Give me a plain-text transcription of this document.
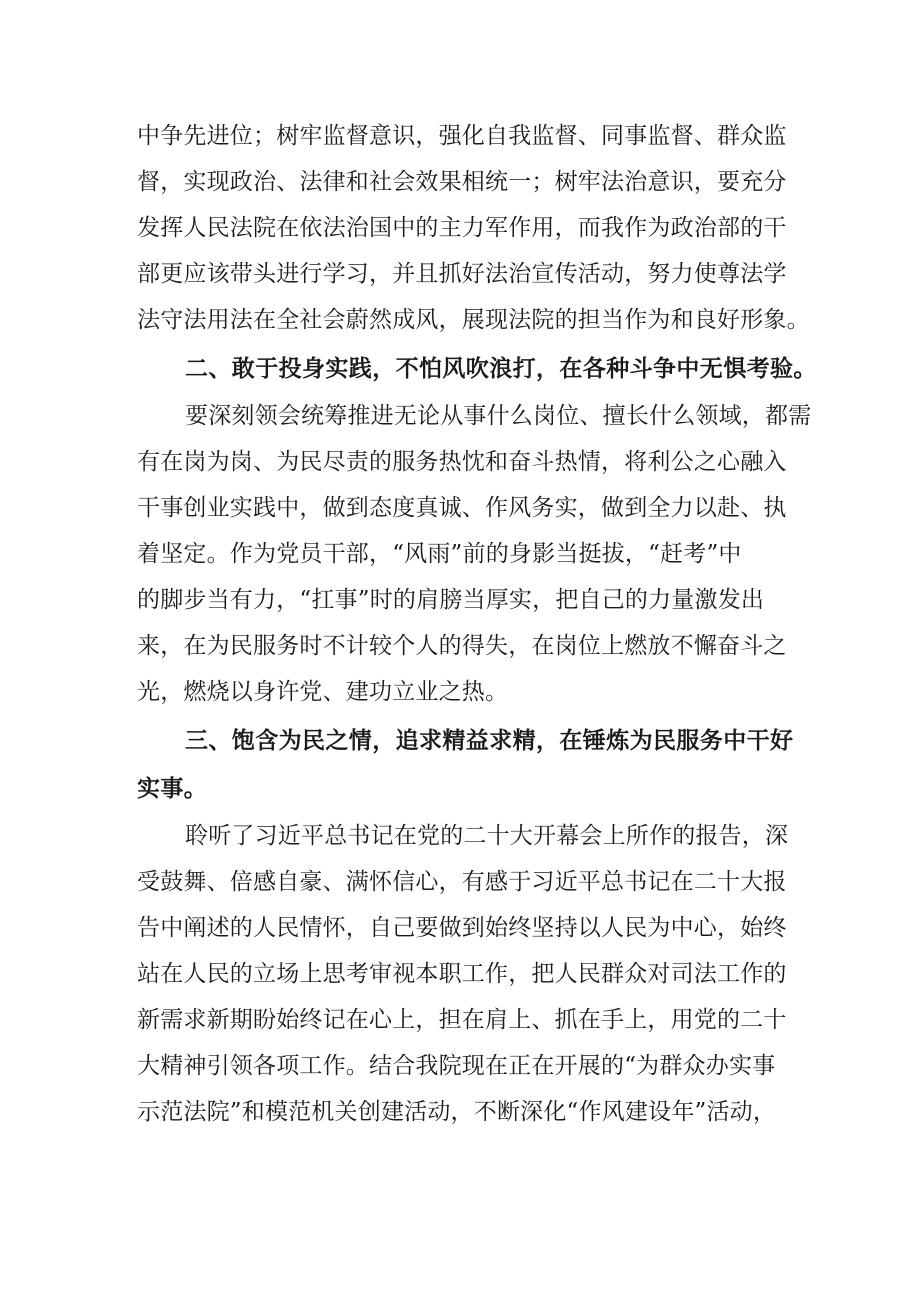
中争先进位；树牢监督意识，强化自我监督、同事监督、群众监
督，实现政治、法律和社会效果相统一；树牢法治意识，要充分
发挥人民法院在依法治国中的主力军作用，而我作为政治部的干
部更应该带头进行学习，并且抓好法治宣传活动，努力使尊法学
法守法用法在全社会蔚然成风，展现法院的担当作为和良好形象。
二、敢于投身实践，不怕风吹浪打，在各种斗争中无惧考验。
要深刻领会统筹推进无论从事什么岗位、擅长什么领域，都需
有在岗为岗、为民尽责的服务热忱和奋斗热情，将利公之心融入
干事创业实践中，做到态度真诚、作风务实，做到全力以赴、执
着坚定。作为党员干部，“风雨”前的身影当挺拔，“赶考”中
的脚步当有力，“扛事”时的肩膀当厚实，把自己的力量激发出
来，在为民服务时不计较个人的得失，在岗位上燃放不懈奋斗之
光，燃烧以身许党、建功立业之热。
三、饱含为民之情，追求精益求精，在锤炼为民服务中干好
实事。
聆听了习近平总书记在党的二十大开幕会上所作的报告，深
受鼓舞、倍感自豪、满怀信心，有感于习近平总书记在二十大报
告中阐述的人民情怀，自己要做到始终坚持以人民为中心，始终
站在人民的立场上思考审视本职工作，把人民群众对司法工作的
新需求新期盼始终记在心上，担在肩上、抓在手上，用党的二十
大精神引领各项工作。结合我院现在正在开展的“为群众办实事
示范法院”和模范机关创建活动，不断深化“作风建设年”活动，
